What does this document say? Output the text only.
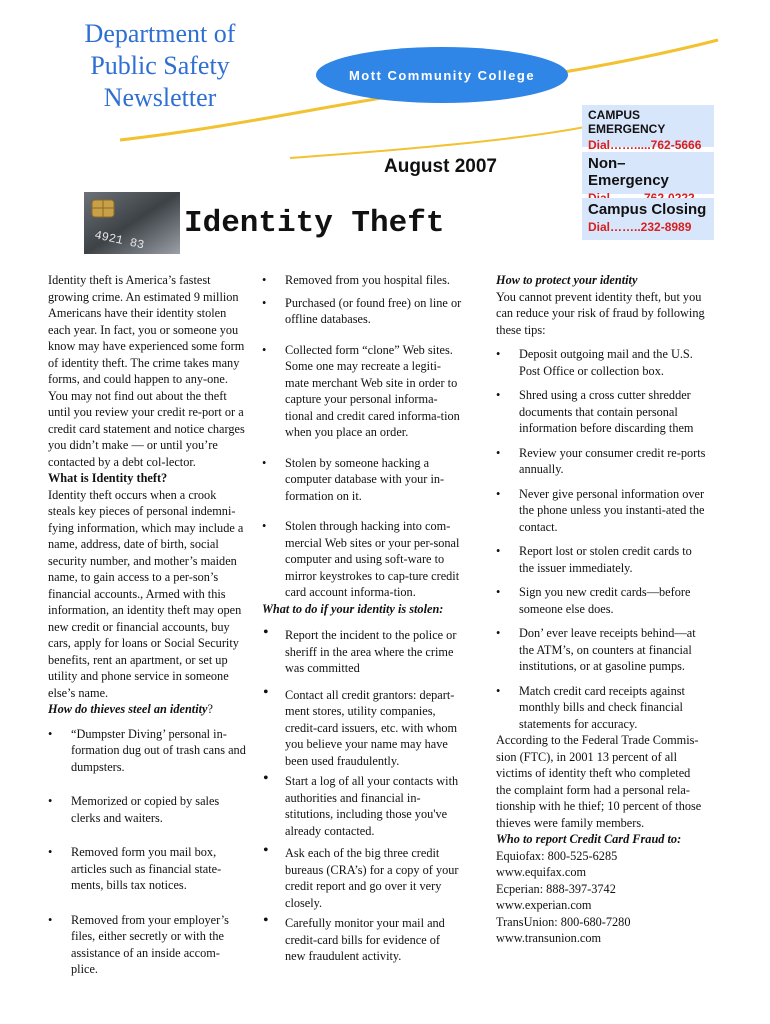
Department of
Public Safety
Newsletter
Mott Community College
CAMPUS EMERGENCY
Dial…….....762-5666
Non– Emergency
Campus Closing
Dial……..232-8989
August 2007
4921 83 Identity Theft

Identity theft is America’s fastest growing crime. An estimated 9 million Americans have their identity stolen each year. In fact, you or someone you know may have experienced some form of identity theft. The crime takes many forms, and could happen to any-one. You may not find out about the theft until you review your credit re-port or a credit card statement and notice charges you didn’t make — or until you’re contacted by a debt col-lector.

What is Identity theft?

Identity theft occurs when a crook steals key pieces of personal indemni-fying information, which may include a name, address, date of birth, social security number, and mother’s maiden name, to gain access to a per-son’s financial accounts., Armed with this information, an identity theft may open new credit or financial accounts, buy cars, apply for loans or Social Security benefits, rent an apartment, or set up utility and phone service in someone else’s name.

How do thieves steel an identity?

• “Dumpster Diving’ personal in-formation dug out of trash cans and dumpsters.
• Memorized or copied by sales clerks and waiters.
• Removed form you mail box, articles such as financial state-ments, bills tax notices.
• Removed from your employer’s files, either secretly or with the assistance of an inside accom-plice.
• Removed from you hospital files.
• Purchased (or found free) on line or offline databases.
• Collected form “clone” Web sites. Some one may recreate a legiti-mate merchant Web site in order to capture your personal informa-tional and credit cared informa-tion when you place an order.
• Stolen by someone hacking a computer database with your in-formation on it.
• Stolen through hacking into com-mercial Web sites or your per-sonal computer and using soft-ware to mirror keystrokes to cap-ture credit card account informa-tion.

What to do if your identity is stolen:

• Report the incident to the police or sheriff in the area where the crime was committed
• Contact all credit grantors: depart-ment stores, utility companies, credit-card issuers, etc. with whom you believe your name may have been used fraudulently.
• Start a log of all your contacts with authorities and financial in-stitutions, including those you've already contacted.
• Ask each of the big three credit bureaus (CRA’s) for a copy of your credit report and go over it very closely.
• Carefully monitor your mail and credit-card bills for evidence of new fraudulent activity.

How to protect your identity

You cannot prevent identity theft, but you can reduce your risk of fraud by following these tips:

• Deposit outgoing mail and the U.S. Post Office or collection box.
• Shred using a cross cutter shredder documents that contain personal information before discarding them
• Review your consumer credit re-ports annually.
• Never give personal information over the phone unless you instanti-ated the contact.
• Report lost or stolen credit cards to the issuer immediately.
• Sign you new credit cards—before someone else does.
• Don’ ever leave receipts behind—at the ATM’s, on counters at financial institutions, or at gasoline pumps.
• Match credit card receipts against monthly bills and check financial statements for accuracy.

According to the Federal Trade Commis-sion (FTC), in 2001 13 percent of all victims of identity theft who completed the complaint form had a personal rela-tionship with he thief; 10 percent of those thieves were family members.

Who to report Credit Card Fraud to:

Equiofax: 800-525-6285

www.equifax.com

Ecperian: 888-397-3742

www.experian.com

TransUnion: 800-680-7280

www.transunion.com
